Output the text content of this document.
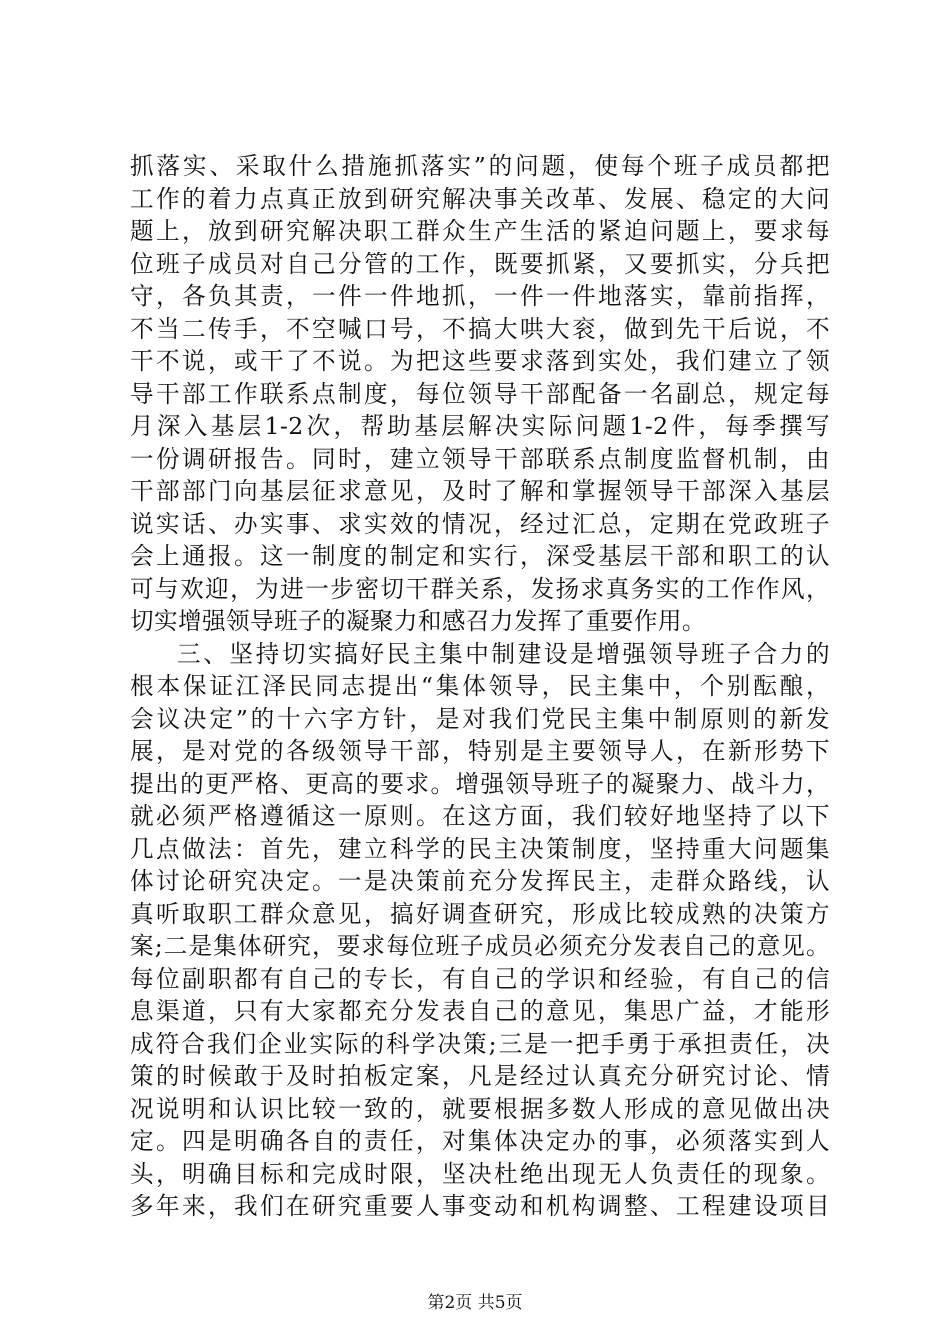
抓落实、采取什么措施抓落实”的问题，使每个班子成员都把
工作的着力点真正放到研究解决事关改革、发展、稳定的大问
题上，放到研究解决职工群众生产生活的紧迫问题上，要求每
位班子成员对自己分管的工作，既要抓紧，又要抓实，分兵把
守，各负其责，一件一件地抓，一件一件地落实，靠前指挥，
不当二传手，不空喊口号，不搞大哄大衮，做到先干后说，不
干不说，或干了不说。为把这些要求落到实处，我们建立了领
导干部工作联系点制度，每位领导干部配备一名副总，规定每
月深入基层1-2次，帮助基层解决实际问题1-2件，每季撰写
一份调研报告。同时，建立领导干部联系点制度监督机制，由
干部部门向基层征求意见，及时了解和掌握领导干部深入基层
说实话、办实事、求实效的情况，经过汇总，定期在党政班子
会上通报。这一制度的制定和实行，深受基层干部和职工的认
可与欢迎，为进一步密切干群关系，发扬求真务实的工作作风，
切实增强领导班子的凝聚力和感召力发挥了重要作用。
三、坚持切实搞好民主集中制建设是增强领导班子合力的
根本保证江泽民同志提出“集体领导，民主集中，个别酝酿，
会议决定”的十六字方针，是对我们党民主集中制原则的新发
展，是对党的各级领导干部，特别是主要领导人，在新形势下
提出的更严格、更高的要求。增强领导班子的凝聚力、战斗力，
就必须严格遵循这一原则。在这方面，我们较好地坚持了以下
几点做法：首先，建立科学的民主决策制度，坚持重大问题集
体讨论研究决定。一是决策前充分发挥民主，走群众路线，认
真听取职工群众意见，搞好调查研究，形成比较成熟的决策方
案;二是集体研究，要求每位班子成员必须充分发表自己的意见。
每位副职都有自己的专长，有自己的学识和经验，有自己的信
息渠道，只有大家都充分发表自己的意见，集思广益，才能形
成符合我们企业实际的科学决策;三是一把手勇于承担责任，决
策的时候敢于及时拍板定案，凡是经过认真充分研究讨论、情
况说明和认识比较一致的，就要根据多数人形成的意见做出决
定。四是明确各自的责任，对集体决定办的事，必须落实到人
头，明确目标和完成时限，坚决杜绝出现无人负责任的现象。
多年来，我们在研究重要人事变动和机构调整、工程建设项目
第2页 共5页
